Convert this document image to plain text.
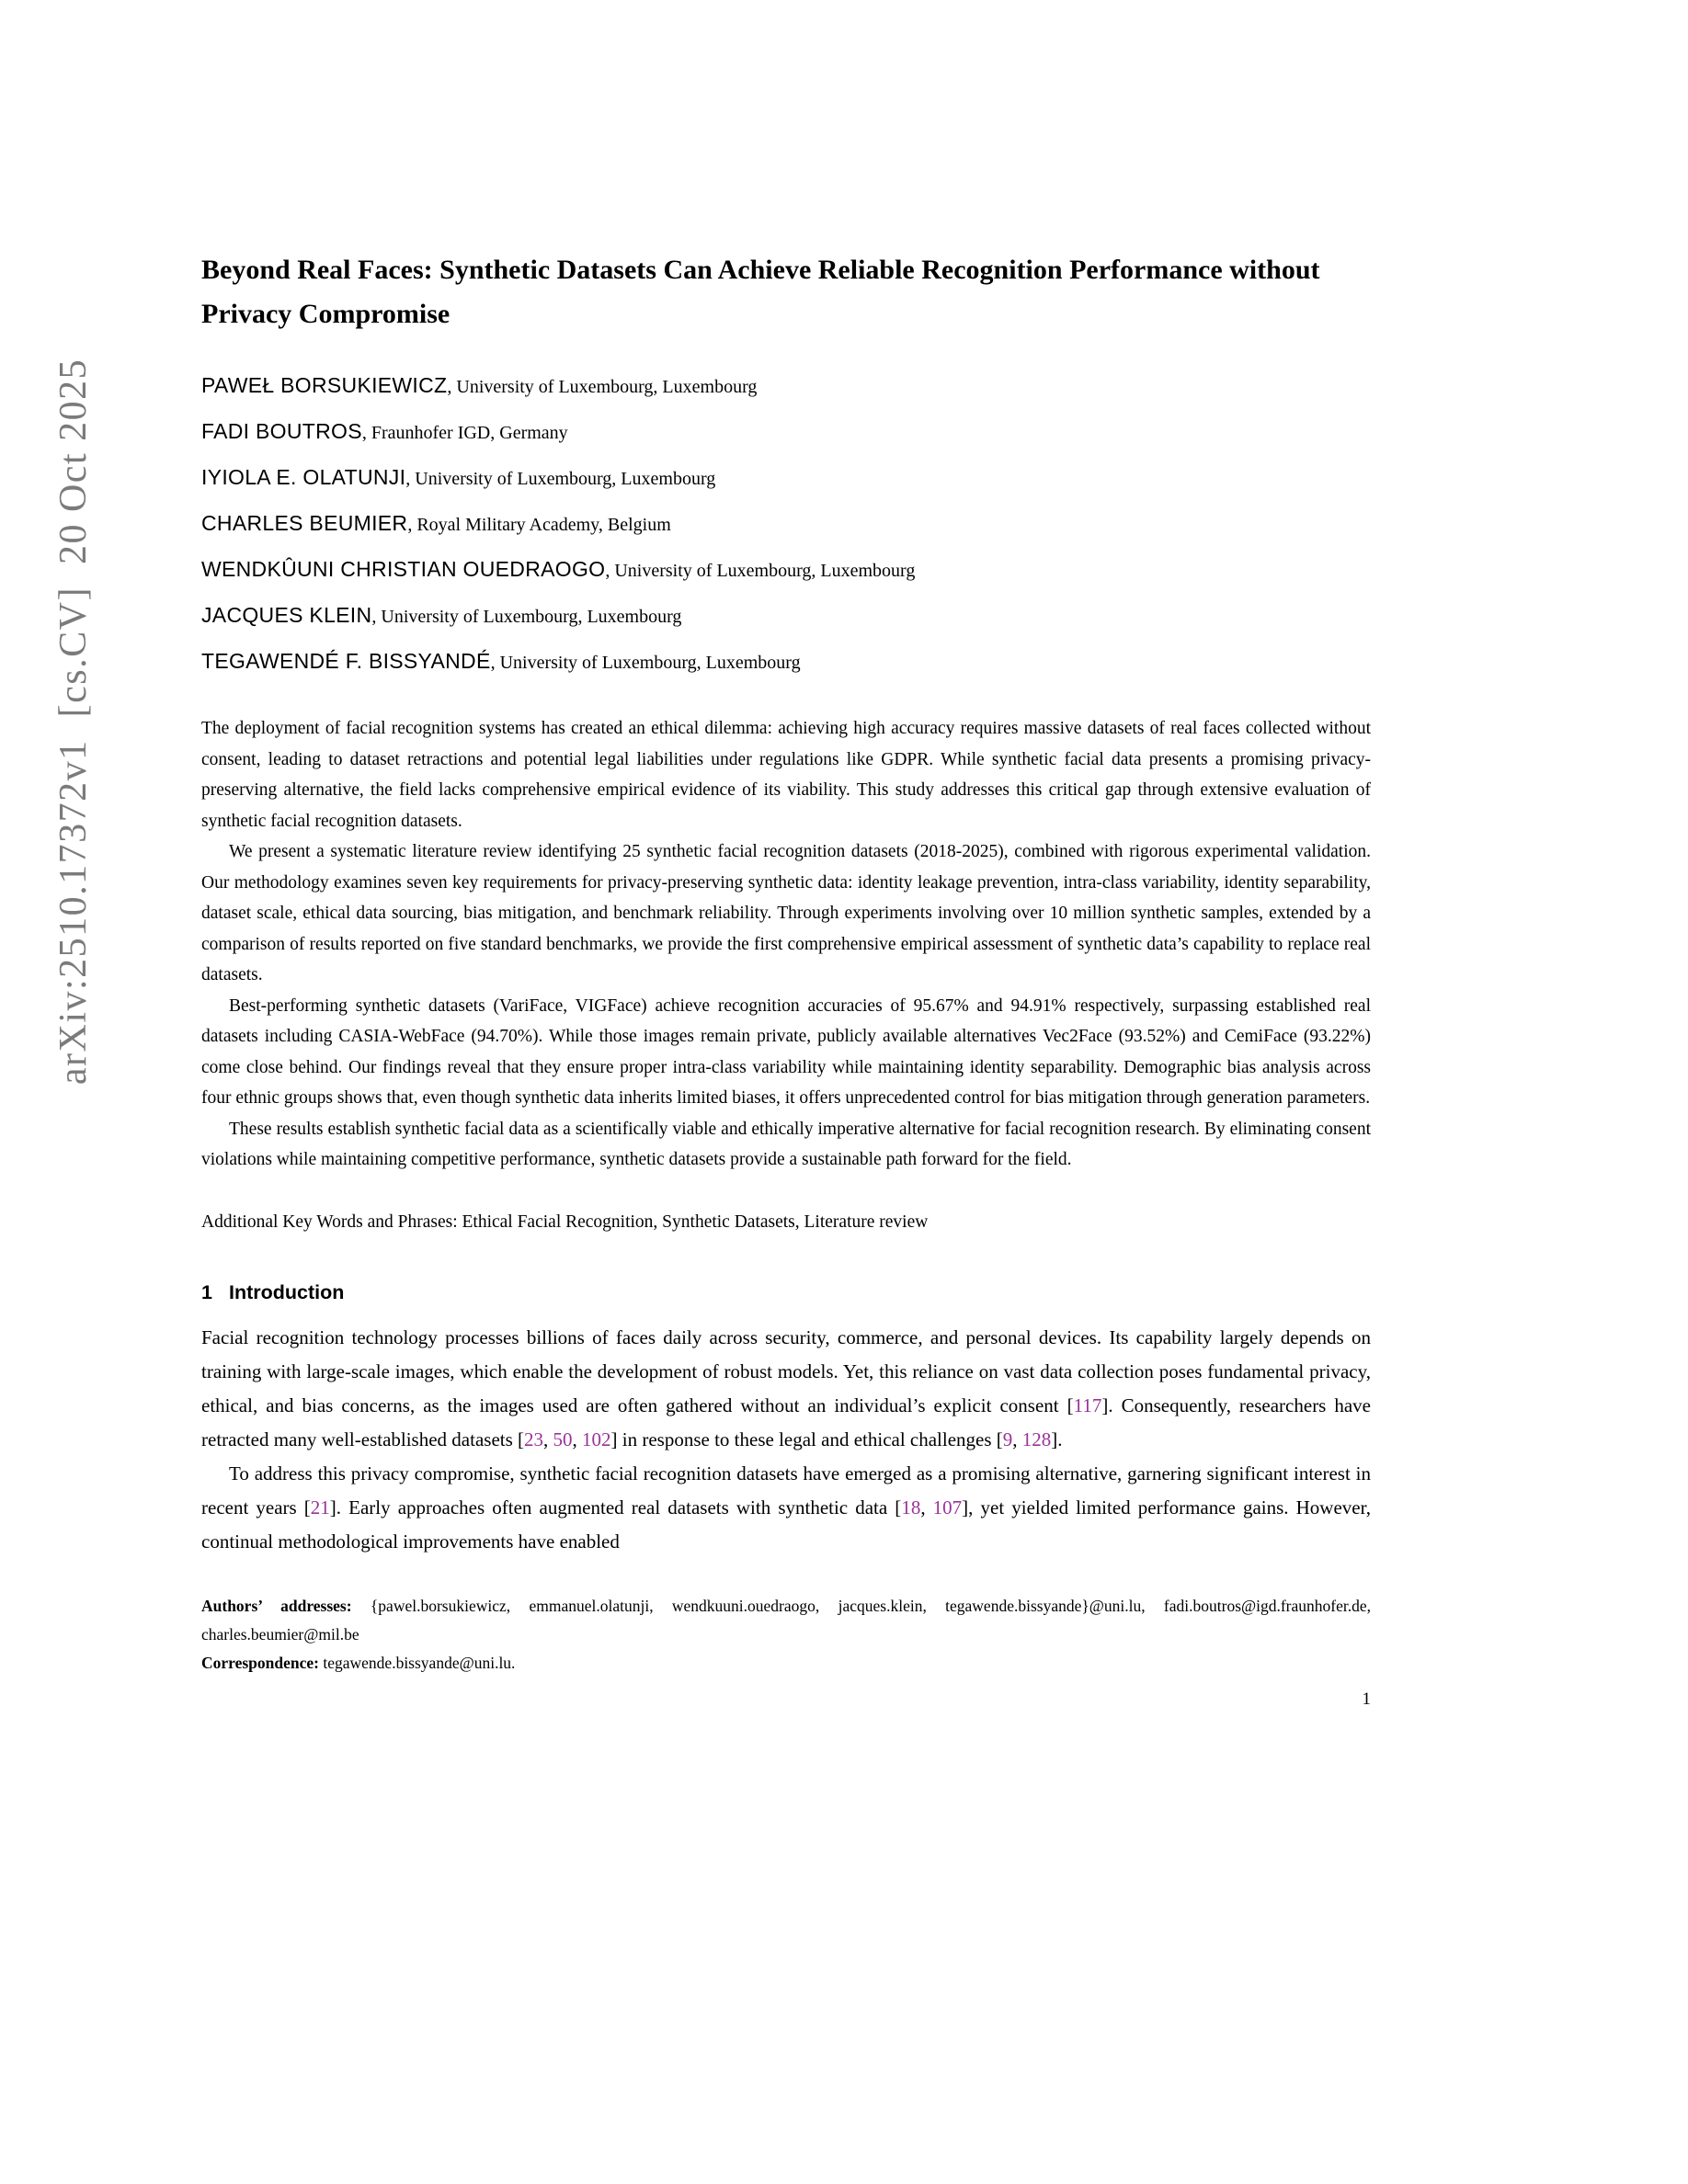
arXiv:2510.17372v1  [cs.CV]  20 Oct 2025
Beyond Real Faces: Synthetic Datasets Can Achieve Reliable Recognition Performance without Privacy Compromise
PAWEŁ BORSUKIEWICZ, University of Luxembourg, Luxembourg
FADI BOUTROS, Fraunhofer IGD, Germany
IYIOLA E. OLATUNJI, University of Luxembourg, Luxembourg
CHARLES BEUMIER, Royal Military Academy, Belgium
WENDKÛUNI CHRISTIAN OUEDRAOGO, University of Luxembourg, Luxembourg
JACQUES KLEIN, University of Luxembourg, Luxembourg
TEGAWENDÉ F. BISSYANDÉ, University of Luxembourg, Luxembourg

The deployment of facial recognition systems has created an ethical dilemma: achieving high accuracy requires massive datasets of real faces collected without consent, leading to dataset retractions and potential legal liabilities under regulations like GDPR. While synthetic facial data presents a promising privacy-preserving alternative, the field lacks comprehensive empirical evidence of its viability. This study addresses this critical gap through extensive evaluation of synthetic facial recognition datasets.

We present a systematic literature review identifying 25 synthetic facial recognition datasets (2018-2025), combined with rigorous experimental validation. Our methodology examines seven key requirements for privacy-preserving synthetic data: identity leakage prevention, intra-class variability, identity separability, dataset scale, ethical data sourcing, bias mitigation, and benchmark reliability. Through experiments involving over 10 million synthetic samples, extended by a comparison of results reported on five standard benchmarks, we provide the first comprehensive empirical assessment of synthetic data’s capability to replace real datasets.

Best-performing synthetic datasets (VariFace, VIGFace) achieve recognition accuracies of 95.67% and 94.91% respectively, surpassing established real datasets including CASIA-WebFace (94.70%). While those images remain private, publicly available alternatives Vec2Face (93.52%) and CemiFace (93.22%) come close behind. Our findings reveal that they ensure proper intra-class variability while maintaining identity separability. Demographic bias analysis across four ethnic groups shows that, even though synthetic data inherits limited biases, it offers unprecedented control for bias mitigation through generation parameters.

These results establish synthetic facial data as a scientifically viable and ethically imperative alternative for facial recognition research. By eliminating consent violations while maintaining competitive performance, synthetic datasets provide a sustainable path forward for the field.

Additional Key Words and Phrases: Ethical Facial Recognition, Synthetic Datasets, Literature review

1 Introduction

Facial recognition technology processes billions of faces daily across security, commerce, and personal devices. Its capability largely depends on training with large-scale images, which enable the development of robust models. Yet, this reliance on vast data collection poses fundamental privacy, ethical, and bias concerns, as the images used are often gathered without an individual’s explicit consent [117]. Consequently, researchers have retracted many well-established datasets [23, 50, 102] in response to these legal and ethical challenges [9, 128].

To address this privacy compromise, synthetic facial recognition datasets have emerged as a promising alternative, garnering significant interest in recent years [21]. Early approaches often augmented real datasets with synthetic data [18, 107], yet yielded limited performance gains. However, continual methodological improvements have enabled

Authors’ addresses: {pawel.borsukiewicz, emmanuel.olatunji, wendkuuni.ouedraogo, jacques.klein, tegawende.bissyande}@uni.lu, fadi.boutros@igd.fraunhofer.de, charles.beumier@mil.be

Correspondence: tegawende.bissyande@uni.lu.

1
